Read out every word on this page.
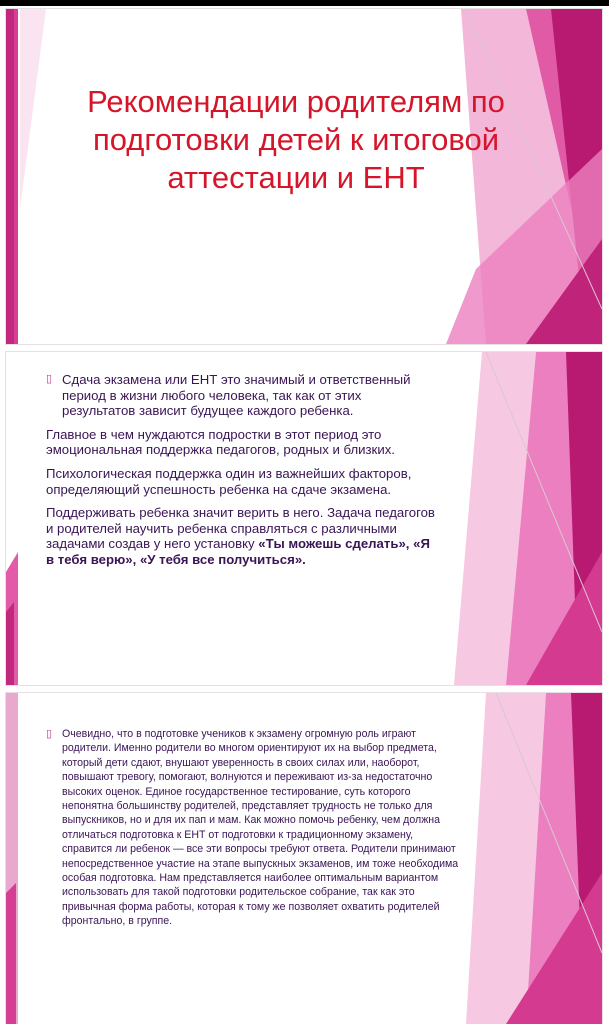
Рекомендации родителям по
подготовки детей к итоговой
аттестации и ЕНТ

▯ Сдача экзамена или ЕНТ это значимый и ответственный период в жизни любого человека, так как от этих результатов зависит будущее каждого ребенка.

Главное в чем нуждаются подростки в этот период это эмоциональная поддержка педагогов, родных и близких.

Психологическая поддержка один из важнейших факторов, определяющий успешность ребенка на сдаче экзамена.

Поддерживать ребенка значит верить в него. Задача педагогов и родителей научить ребенка справляться с различными задачами создав у него установку «Ты можешь сделать», «Я в тебя верю», «У тебя все получиться».

▯ Очевидно, что в подготовке учеников к экзамену огромную роль играют родители. Именно родители во многом ориентируют их на выбор предмета, который дети сдают, внушают уверенность в своих силах или, наоборот, повышают тревогу, помогают, волнуются и переживают из-за недостаточно высоких оценок. Единое государственное тестирование, суть которого непонятна большинству родителей, представляет трудность не только для выпускников, но и для их пап и мам. Как можно помочь ребенку, чем должна отличаться подготовка к ЕНТ от подготовки к традиционному экзамену, справится ли ребенок — все эти вопросы требуют ответа. Родители принимают непосредственное участие на этапе выпускных экзаменов, им тоже необходима особая подготовка. Нам представляется наиболее оптимальным вариантом использовать для такой подготовки родительское собрание, так как это привычная форма работы, которая к тому же позволяет охватить родителей фронтально, в группе.
